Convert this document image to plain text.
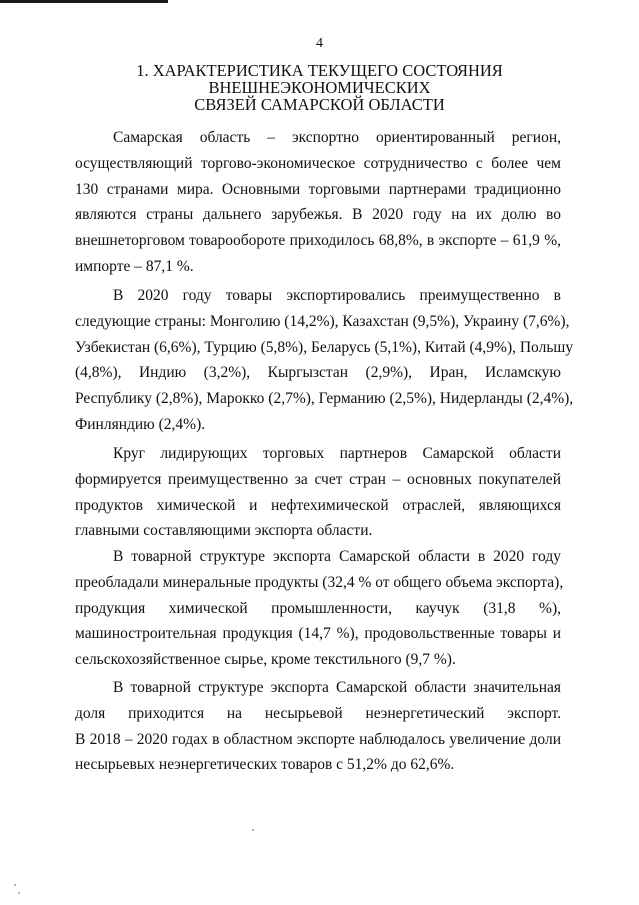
4
1. ХАРАКТЕРИСТИКА ТЕКУЩЕГО СОСТОЯНИЯ
ВНЕШНЕЭКОНОМИЧЕСКИХ
СВЯЗЕЙ САМАРСКОЙ ОБЛАСТИ
Самарская область – экспортно ориентированный регион,
осуществляющий торгово-экономическое сотрудничество с более чем
130 странами мира. Основными торговыми партнерами традиционно
являются страны дальнего зарубежья. В 2020 году на их долю во
внешнеторговом товарообороте приходилось 68,8%, в экспорте – 61,9 %,
импорте – 87,1 %.
В 2020 году товары экспортировались преимущественно в
следующие страны: Монголию (14,2%), Казахстан (9,5%), Украину (7,6%),
Узбекистан (6,6%), Турцию (5,8%), Беларусь (5,1%), Китай (4,9%), Польшу
(4,8%), Индию (3,2%), Кыргызстан (2,9%), Иран, Исламскую
Республику (2,8%), Марокко (2,7%), Германию (2,5%), Нидерланды (2,4%),
Финляндию (2,4%).
Круг лидирующих торговых партнеров Самарской области
формируется преимущественно за счет стран – основных покупателей
продуктов химической и нефтехимической отраслей, являющихся
главными составляющими экспорта области.
В товарной структуре экспорта Самарской области в 2020 году
преобладали минеральные продукты (32,4 % от общего объема экспорта),
продукция химической промышленности, каучук (31,8 %),
машиностроительная продукция (14,7 %), продовольственные товары и
сельскохозяйственное сырье, кроме текстильного (9,7 %).
В товарной структуре экспорта Самарской области значительная
доля приходится на несырьевой неэнергетический экспорт.
В 2018 – 2020 годах в областном экспорте наблюдалось увеличение доли
несырьевых неэнергетических товаров с 51,2% до 62,6%.
